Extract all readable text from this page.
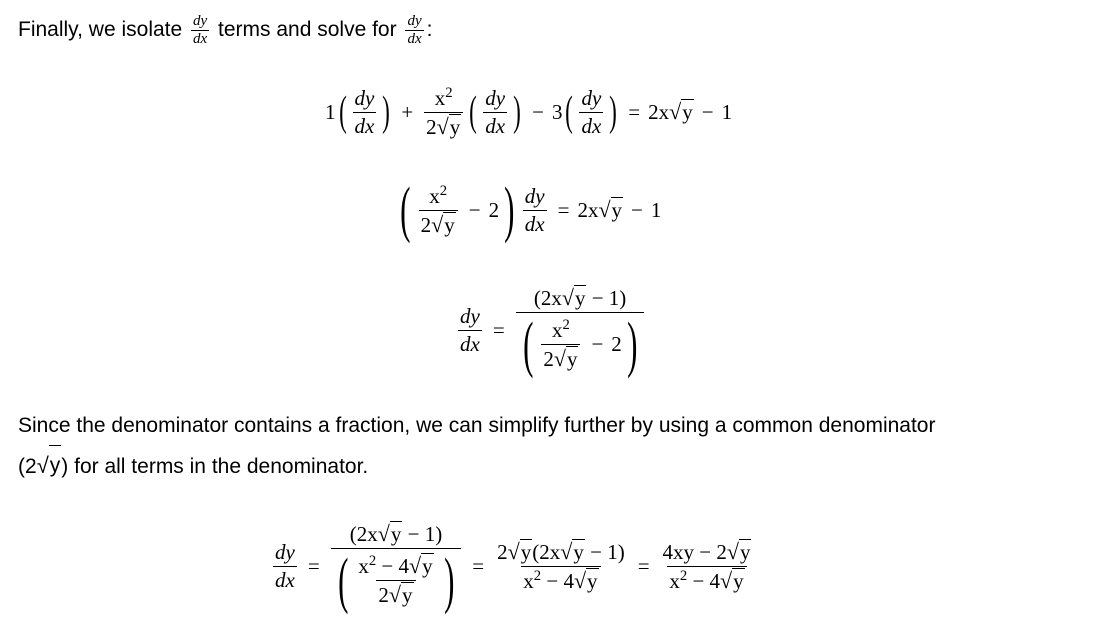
Finally, we isolate $\frac{dy}{dx}$ terms and solve for $\frac{dy}{dx}$ :
1 ( $\frac{dy}{dx}$ ) + $\frac{x^2}{2 √ y}$ ( $\frac{dy}{dx}$ ) − 3 ( $\frac{dy}{dx}$ ) = 2x √ y − 1
( $\frac{x^2}{2 √ y} - 2$ ) $\frac{dy}{dx} = 2x$ √ y − 1
$\frac{dy}{dx}$ =
(2x √ y − 1)
( $\frac{x^2}{2 √ y} - 2$ )
Since the denominator contains a fraction, we can simplify further by using a common denominator
(2 √ y ) for all terms in the denominator.
$\frac{dy}{dx} = \frac{(2x √ y - 1)}{( \frac{x^2 - 4 √ y}{2 √ y} )} = \frac{2 √ y (2x √ y - 1)}{x^2 - 4 √ y} = \frac{4xy - 2 √ y}{x^2 - 4 √ y}$
